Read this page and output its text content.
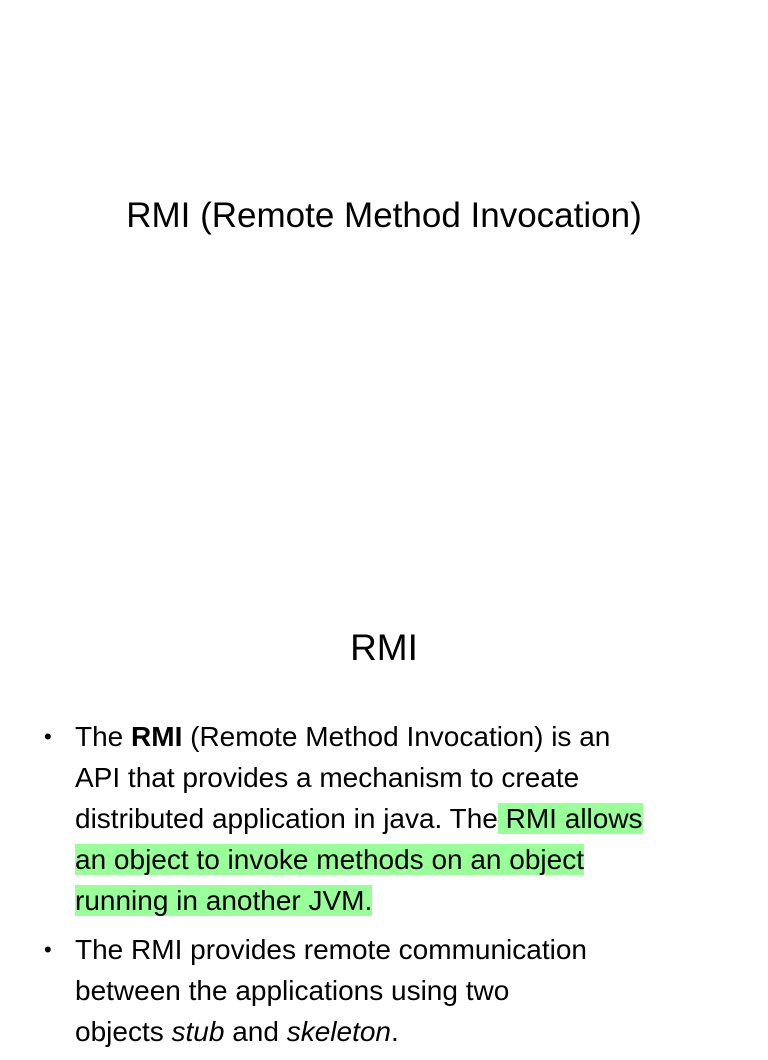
RMI (Remote Method Invocation)
RMI
• The RMI (Remote Method Invocation) is an
API that provides a mechanism to create
distributed application in java. The RMI allows
an object to invoke methods on an object
running in another JVM.
• The RMI provides remote communication
between the applications using two
objects stub and skeleton.
